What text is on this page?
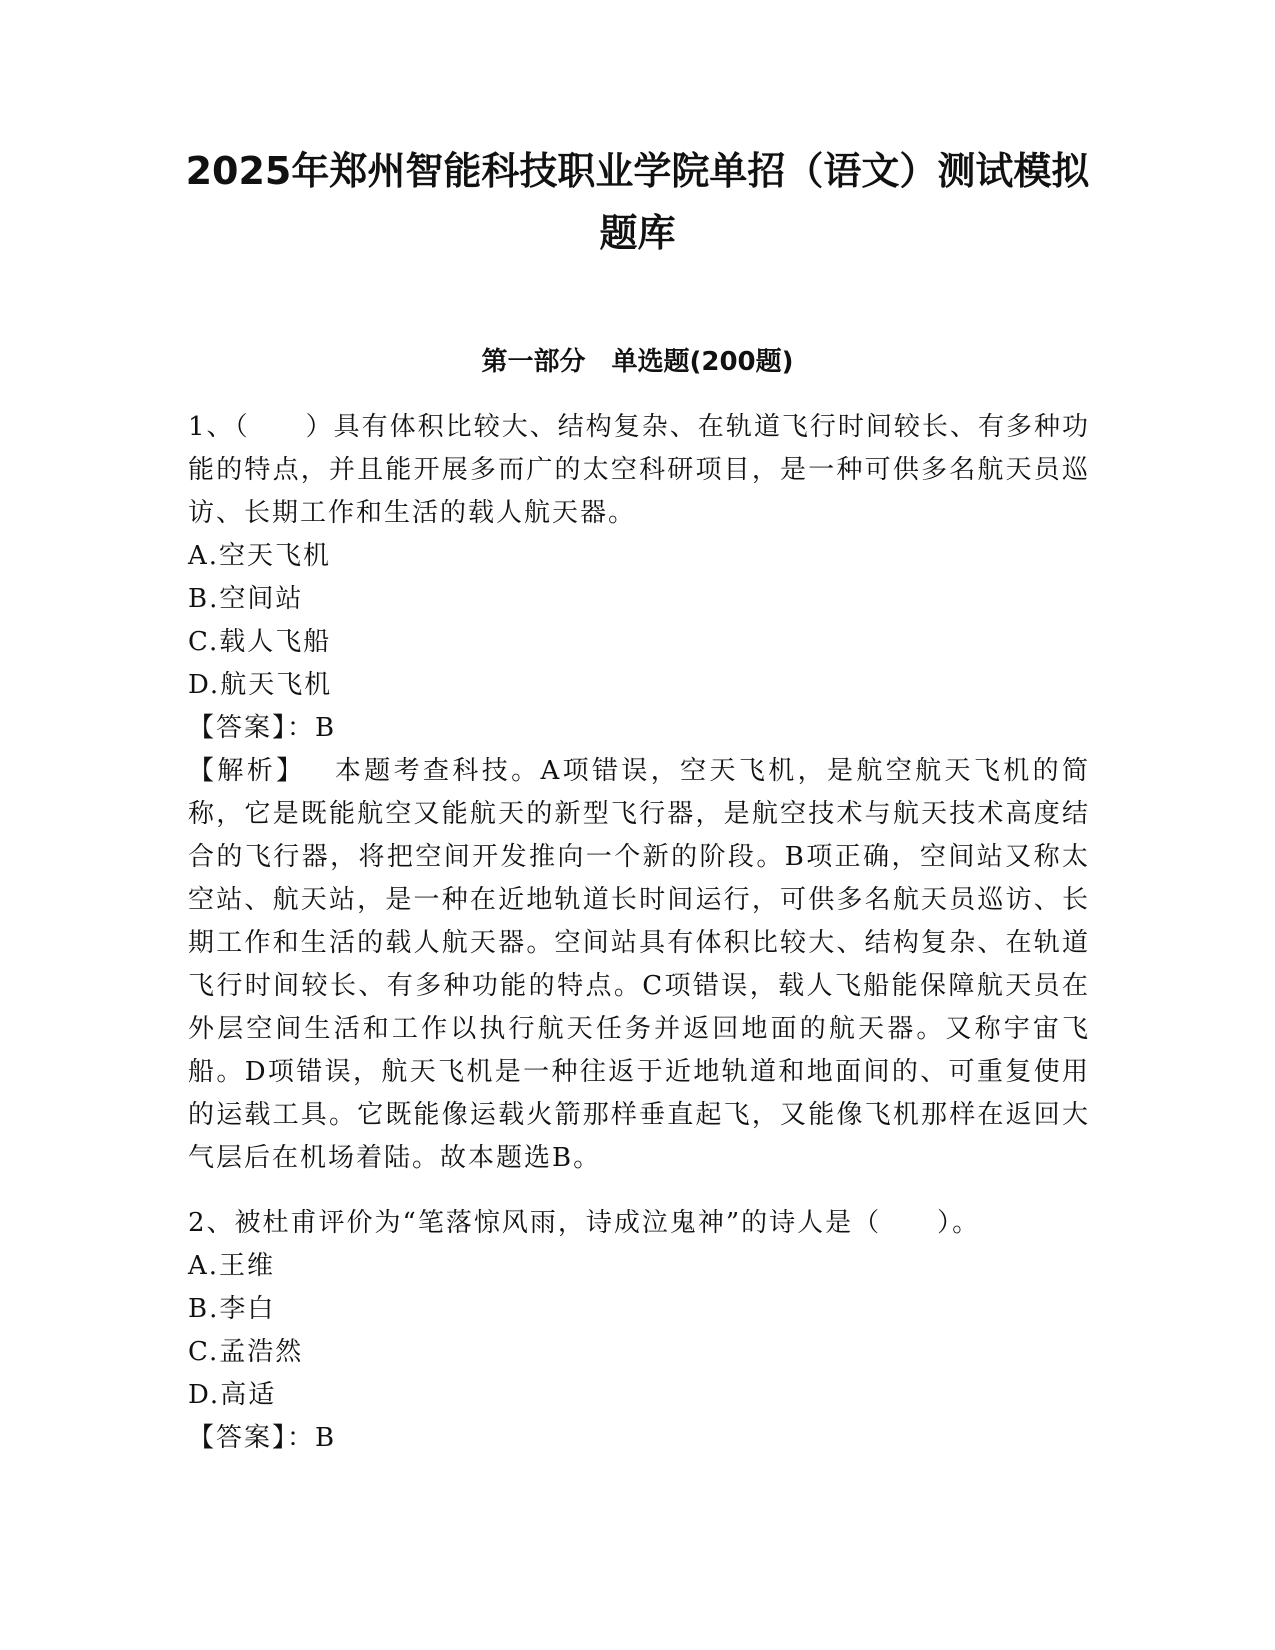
2025年郑州智能科技职业学院单招（语文）测试模拟题库
第一部分　单选题(200题)

1、（　　）具有体积比较大、结构复杂、在轨道飞行时间较长、有多种功能的特点，并且能开展多而广的太空科研项目，是一种可供多名航天员巡访、长期工作和生活的载人航天器。

A . 空天飞机

B . 空间站

C . 载人飞船

D . 航天飞机

【答案】：B

【解析】  本题考查科技。A项错误，空天飞机，是航空航天飞机的简称，它是既能航空又能航天的新型飞行器，是航空技术与航天技术高度结合的飞行器，将把空间开发推向一个新的阶段。B项正确，空间站又称太空站、航天站，是一种在近地轨道长时间运行，可供多名航天员巡访、长期工作和生活的载人航天器。空间站具有体积比较大、结构复杂、在轨道飞行时间较长、有多种功能的特点。C项错误，载人飞船能保障航天员在外层空间生活和工作以执行航天任务并返回地面的航天器。又称宇宙飞船。D项错误，航天飞机是一种往返于近地轨道和地面间的、可重复使用的运载工具。它既能像运载火箭那样垂直起飞，又能像飞机那样在返回大气层后在机场着陆。故本题选B。

2、被杜甫评价为“笔落惊风雨，诗成泣鬼神”的诗人是（　　）。

A . 王维

B . 李白

C . 孟浩然

D . 高适

【答案】：B
